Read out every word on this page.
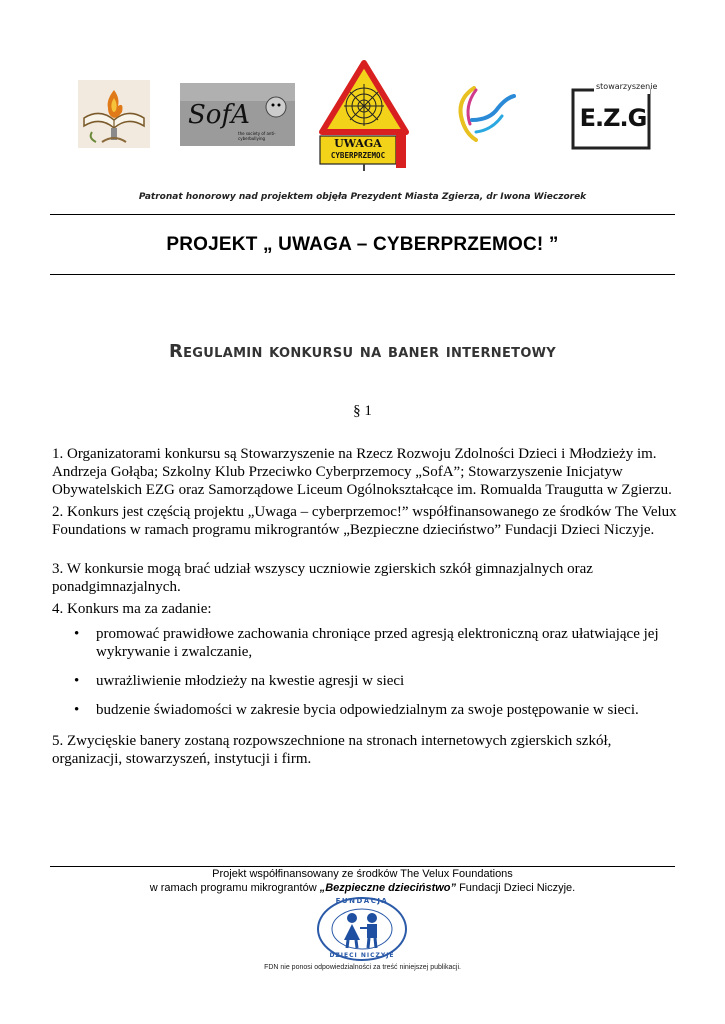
SofA
the society of anti-cyberbullying	UWAGA
CYBERPRZEMOC
stowarzyszenie
E.Z.G
Patronat honorowy nad projektem objęła Prezydent Miasta Zgierza, dr Iwona Wieczorek
PROJEKT „ UWAGA – CYBERPRZEMOC! ”
Regulamin konkursu na baner internetowy
§ 1
1. Organizatorami konkursu są Stowarzyszenie na Rzecz Rozwoju Zdolności Dzieci i Młodzieży im. Andrzeja Gołąba; Szkolny Klub Przeciwko Cyberprzemocy „SofA”; Stowarzyszenie Inicjatyw Obywatelskich EZG oraz Samorządowe Liceum Ogólnokształcące im. Romualda Traugutta w Zgierzu.
2. Konkurs jest częścią projektu „Uwaga – cyberprzemoc!” współfinansowanego ze środków The Velux Foundations w ramach programu mikrograntów „Bezpieczne dzieciństwo” Fundacji Dzieci Niczyje.
3. W konkursie mogą brać udział wszyscy uczniowie zgierskich szkół gimnazjalnych oraz ponadgimnazjalnych.
4. Konkurs ma za zadanie:
• promować prawidłowe zachowania chroniące przed agresją elektroniczną oraz ułatwiające jej wykrywanie i zwalczanie,
• uwrażliwienie młodzieży na kwestie agresji w sieci
• budzenie świadomości w zakresie bycia odpowiedzialnym za swoje postępowanie w sieci.
5. Zwycięskie banery zostaną rozpowszechnione na stronach internetowych zgierskich szkół, organizacji, stowarzyszeń, instytucji i firm.
Projekt współfinansowany ze środków The Velux Foundations
w ramach programu mikrograntów „Bezpieczne dzieciństwo” Fundacji Dzieci Niczyje.
FUNDACJA
DZIECI NICZYJE
FDN nie ponosi odpowiedzialności za treść niniejszej publikacji.
